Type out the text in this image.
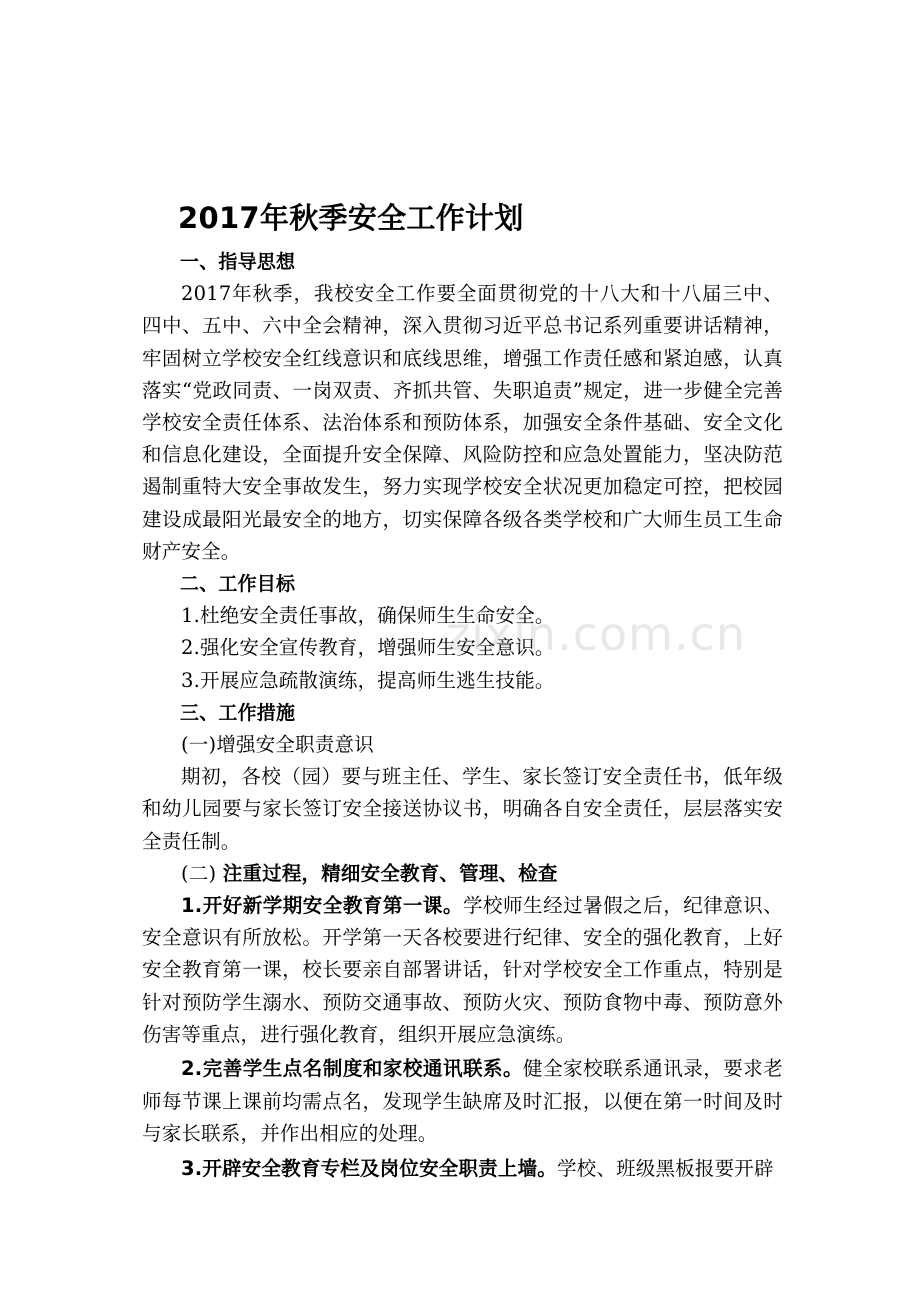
2017年秋季安全工作计划

一、指导思想

2017年秋季，我校安全工作要全面贯彻党的十八大和十八届三中、四中、五中、六中全会精神，深入贯彻习近平总书记系列重要讲话精神，牢固树立学校安全红线意识和底线思维，增强工作责任感和紧迫感，认真落实“党政同责、一岗双责、齐抓共管、失职追责”规定，进一步健全完善学校安全责任体系、法治体系和预防体系，加强安全条件基础、安全文化和信息化建设，全面提升安全保障、风险防控和应急处置能力，坚决防范遏制重特大安全事故发生，努力实现学校安全状况更加稳定可控，把校园建设成最阳光最安全的地方，切实保障各级各类学校和广大师生员工生命财产安全。

二、工作目标

1.杜绝安全责任事故，确保师生生命安全。

2.强化安全宣传教育，增强师生安全意识。

3.开展应急疏散演练，提高师生逃生技能。

三、工作措施

(一)增强安全职责意识

期初，各校（园）要与班主任、学生、家长签订安全责任书，低年级和幼儿园要与家长签订安全接送协议书，明确各自安全责任，层层落实安全责任制。

(二) 注重过程，精细安全教育、管理、检查

1.开好新学期安全教育第一课。学校师生经过暑假之后，纪律意识、安全意识有所放松。开学第一天各校要进行纪律、安全的强化教育，上好安全教育第一课，校长要亲自部署讲话，针对学校安全工作重点，特别是针对预防学生溺水、预防交通事故、预防火灾、预防食物中毒、预防意外伤害等重点，进行强化教育，组织开展应急演练。

2.完善学生点名制度和家校通讯联系。健全家校联系通讯录，要求老师每节课上课前均需点名，发现学生缺席及时汇报，以便在第一时间及时与家长联系，并作出相应的处理。

3.开辟安全教育专栏及岗位安全职责上墙。学校、班级黑板报要开辟

zixin.com.cn
